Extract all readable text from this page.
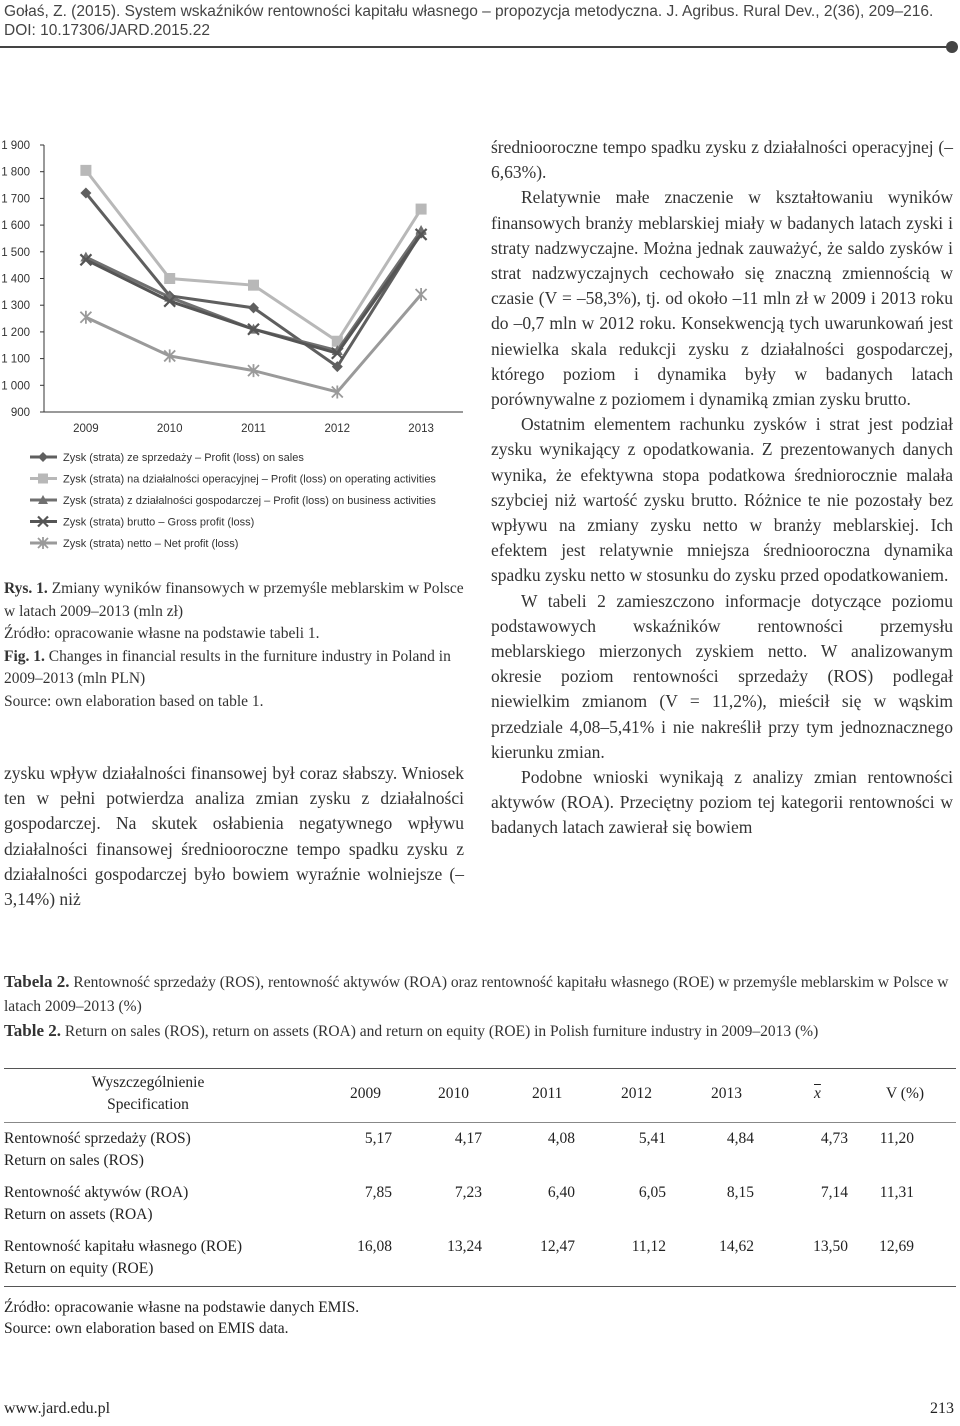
Gołaś, Z. (2015). System wskaźników rentowności kapitału własnego – propozycja metodyczna. J. Agribus. Rural Dev., 2(36), 209–216.
DOI: 10.17306/JARD.2015.22
1 900
1 800
1 700
1 600
1 500
1 400
1 300
1 200
1 100
1 000
900
2009	2010	2011	2012	2013
Zysk (strata) ze sprzedaży – Profit (loss) on sales
Zysk (strata) na działalności operacyjnej – Profit (loss) on operating activities
Zysk (strata) z działalności gospodarczej – Profit (loss) on business activities
Zysk (strata) brutto – Gross profit (loss)
Zysk (strata) netto – Net profit (loss)

Rys. 1. Zmiany wyników finansowych w przemyśle meblarskim w Polsce w latach 2009–2013 (mln zł)

Źródło: opracowanie własne na podstawie tabeli 1.

Fig. 1. Changes in financial results in the furniture industry in Poland in 2009–2013 (mln PLN)

Source: own elaboration based on table 1.

zysku wpływ działalności finansowej był coraz słabszy. Wniosek ten w pełni potwierdza analiza zmian zysku z działalności gospodarczej. Na skutek osłabienia negatywnego wpływu działalności finansowej średniooroczne tempo spadku zysku z działalności gospodarczej było bowiem wyraźnie wolniejsze (–3,14%) niż

średniooroczne tempo spadku zysku z działalności operacyjnej (–6,63%).

Relatywnie małe znaczenie w kształtowaniu wyników finansowych branży meblarskiej miały w badanych latach zyski i straty nadzwyczajne. Można jednak zauważyć, że saldo zysków i strat nadzwyczajnych cechowało się znaczną zmiennością w czasie (V = –58,3%), tj. od około –11 mln zł w 2009 i 2013 roku do –0,7 mln w 2012 roku. Konsekwencją tych uwarunkowań jest niewielka skala redukcji zysku z działalności gospodarczej, którego poziom i dynamika były w badanych latach porównywalne z poziomem i dynamiką zmian zysku brutto.

Ostatnim elementem rachunku zysków i strat jest podział zysku wynikający z opodatkowania. Z prezentowanych danych wynika, że efektywna stopa podatkowa średniorocznie malała szybciej niż wartość zysku brutto. Różnice te nie pozostały bez wpływu na zmiany zysku netto w branży meblarskiej. Ich efektem jest relatywnie mniejsza średniooroczna dynamika spadku zysku netto w stosunku do zysku przed opodatkowaniem.

W tabeli 2 zamieszczono informacje dotyczące poziomu podstawowych wskaźników rentowności przemysłu meblarskiego mierzonych zyskiem netto. W analizowanym okresie poziom rentowności sprzedaży (ROS) podlegał niewielkim zmianom (V = 11,2%), mieścił się w wąskim przedziale 4,08–5,41% i nie nakreślił przy tym jednoznacznego kierunku zmian.

Podobne wnioski wynikają z analizy zmian rentowności aktywów (ROA). Przeciętny poziom tej kategorii rentowności w badanych latach zawierał się bowiem

Tabela 2. Rentowność sprzedaży (ROS), rentowność aktywów (ROA) oraz rentowność kapitału własnego (ROE) w przemyśle meblarskim w Polsce w latach 2009–2013 (%)

Table 2. Return on sales (ROS), return on assets (ROA) and return on equity (ROE) in Polish furniture industry in 2009–2013 (%)

Wyszczególnienie
Specification
2009	2010	2011	2012	2013	$\overline{x}$	V (%)
Rentowność sprzedaży (ROS)
Return on sales (ROS)
5,17	4,17	4,08	5,41	4,84	4,73	11,20
Rentowność aktywów (ROA)
Return on assets (ROA)
7,85	7,23	6,40	6,05	8,15	7,14	11,31
Rentowność kapitału własnego (ROE)
Return on equity (ROE)
16,08	13,24	12,47	11,12	14,62	13,50	12,69
Źródło: opracowanie własne na podstawie danych EMIS.
Source: own elaboration based on EMIS data.
www.jard.edu.pl	213
